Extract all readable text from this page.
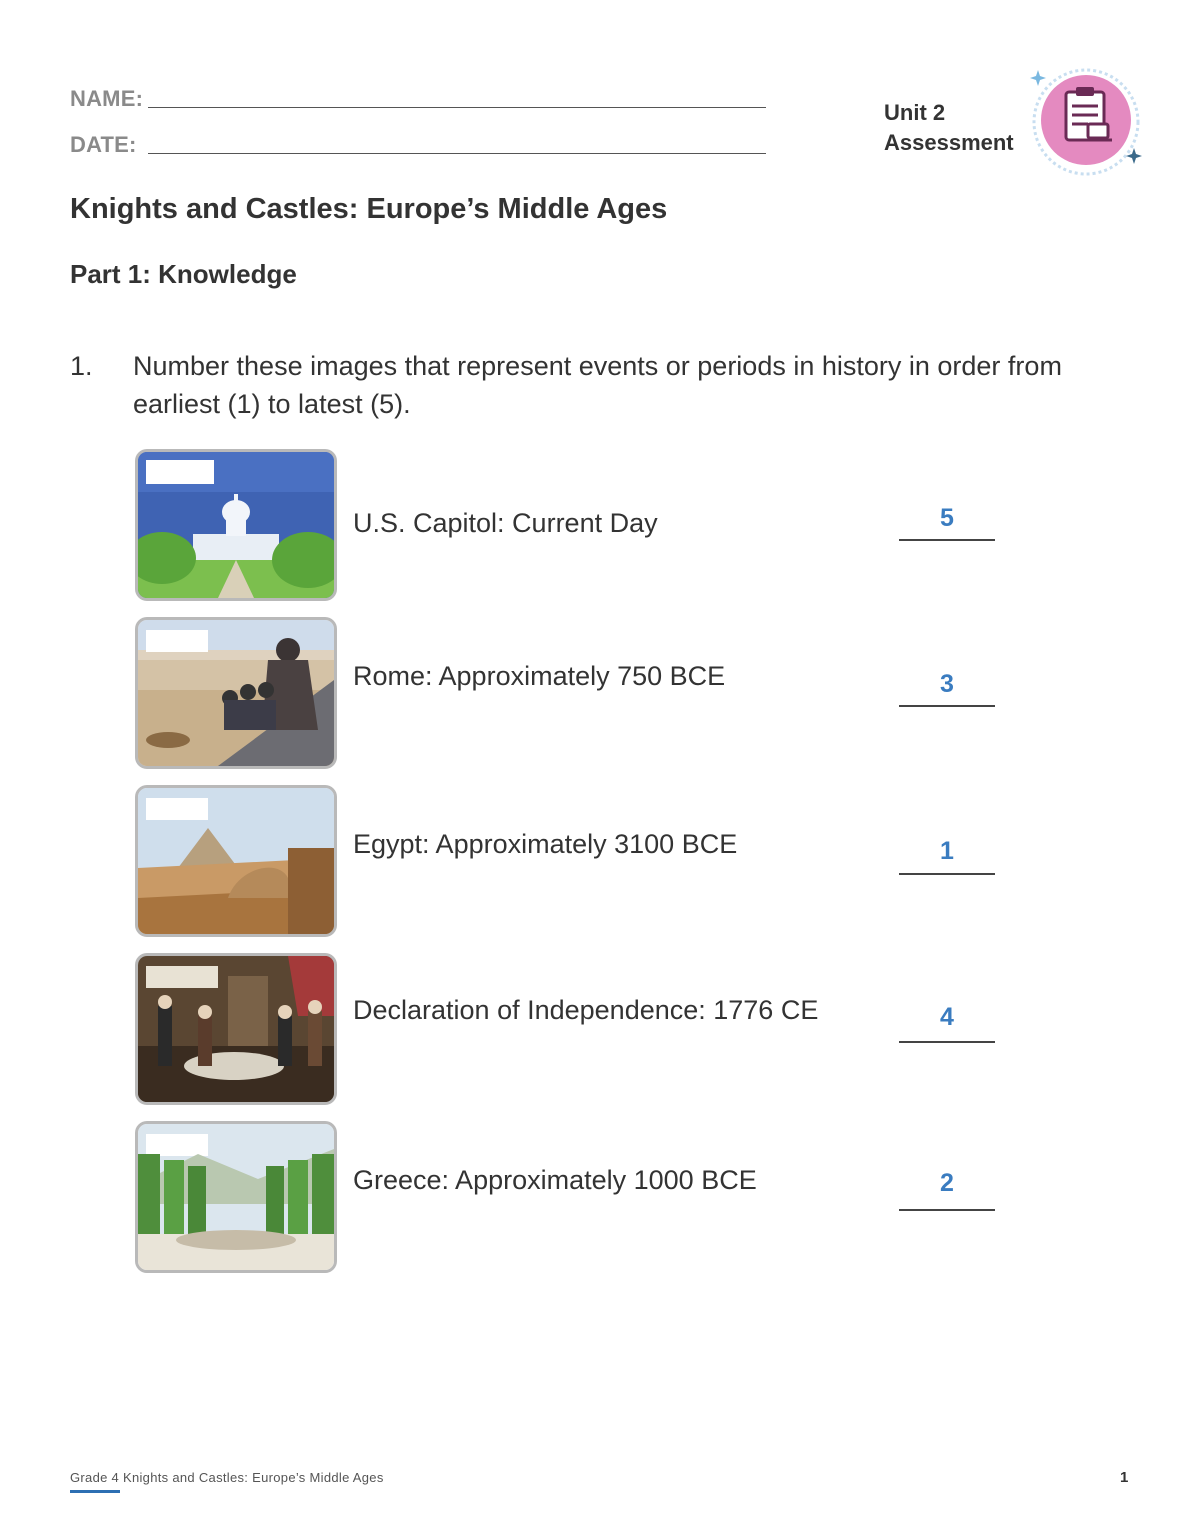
NAME:
DATE:
Unit 2
Assessment
Knights and Castles: Europe’s Middle Ages
Part 1: Knowledge
1. Number these images that represent events or periods in history in order from earliest (1) to latest (5).
U.S. Capitol: Current Day	5
Rome: Approximately 750 BCE	3
Egypt: Approximately 3100 BCE	1
Declaration of Independence: 1776 CE	4
Greece: Approximately 1000 BCE	2
Grade 4 Knights and Castles: Europe’s Middle Ages	1
